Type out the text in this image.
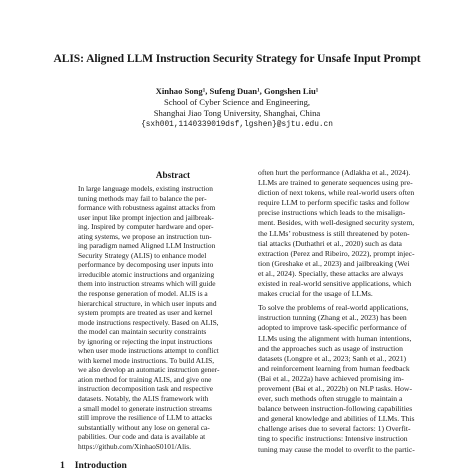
ALIS: Aligned LLM Instruction Security Strategy for Unsafe Input Prompt
Xinhao Song¹, Sufeng Duan¹, Gongshen Liu¹
School of Cyber Science and Engineering,
Shanghai Jiao Tong University, Shanghai, China
{sxh001,1140339019dsf,lgshen}@sjtu.edu.cn
Abstract
In large language models, existing instruction
tuning methods may fail to balance the per-
formance with robustness against attacks from
user input like prompt injection and jailbreak-
ing. Inspired by computer hardware and oper-
ating systems, we propose an instruction tun-
ing paradigm named Aligned LLM Instruction
Security Strategy (ALIS) to enhance model
performance by decomposing user inputs into
irreducible atomic instructions and organizing
them into instruction streams which will guide
the response generation of model. ALIS is a
hierarchical structure, in which user inputs and
system prompts are treated as user and kernel
mode instructions respectively. Based on ALIS,
the model can maintain security constraints
by ignoring or rejecting the input instructions
when user mode instructions attempt to conflict
with kernel mode instructions. To build ALIS,
we also develop an automatic instruction gener-
ation method for training ALIS, and give one
instruction decomposition task and respective
datasets. Notably, the ALIS framework with
a small model to generate instruction streams
still improve the resilience of LLM to attacks
substantially without any lose on general ca-
pabilities. Our code and data is available at
https://github.com/XinhaoS0101/Alis.
often hurt the performance (Adlakha et al., 2024).
LLMs are trained to generate sequences using pre-
diction of next tokens, while real-world users often
require LLM to perform specific tasks and follow
precise instructions which leads to the misalign-
ment. Besides, with well-designed security system,
the LLMs’ robustness is still threatened by poten-
tial attacks (Duthathri et al., 2020) such as data
extraction (Perez and Ribeiro, 2022), prompt injec-
tion (Greshake et al., 2023) and jailbreaking (Wei
et al., 2024). Specially, these attacks are always
existed in real-world sensitive applications, which
makes crucial for the usage of LLMs.
To solve the problems of real-world applications,
instruction tunning (Zhang et al., 2023) has been
adopted to improve task-specific performance of
LLMs using the alignment with human intentions,
and the approaches such as usage of instruction
datasets (Longpre et al., 2023; Sanh et al., 2021)
and reinforcement learning from human feedback
(Bai et al., 2022a) have achieved promising im-
provement (Bai et al., 2022b) on NLP tasks. How-
ever, such methods often struggle to maintain a
balance between instruction-following capabilities
and general knowledge and abilities of LLMs. This
challenge arises due to several factors: 1) Overfit-
ting to specific instructions: Intensive instruction
tuning may cause the model to overfit to the partic-
1 Introduction
